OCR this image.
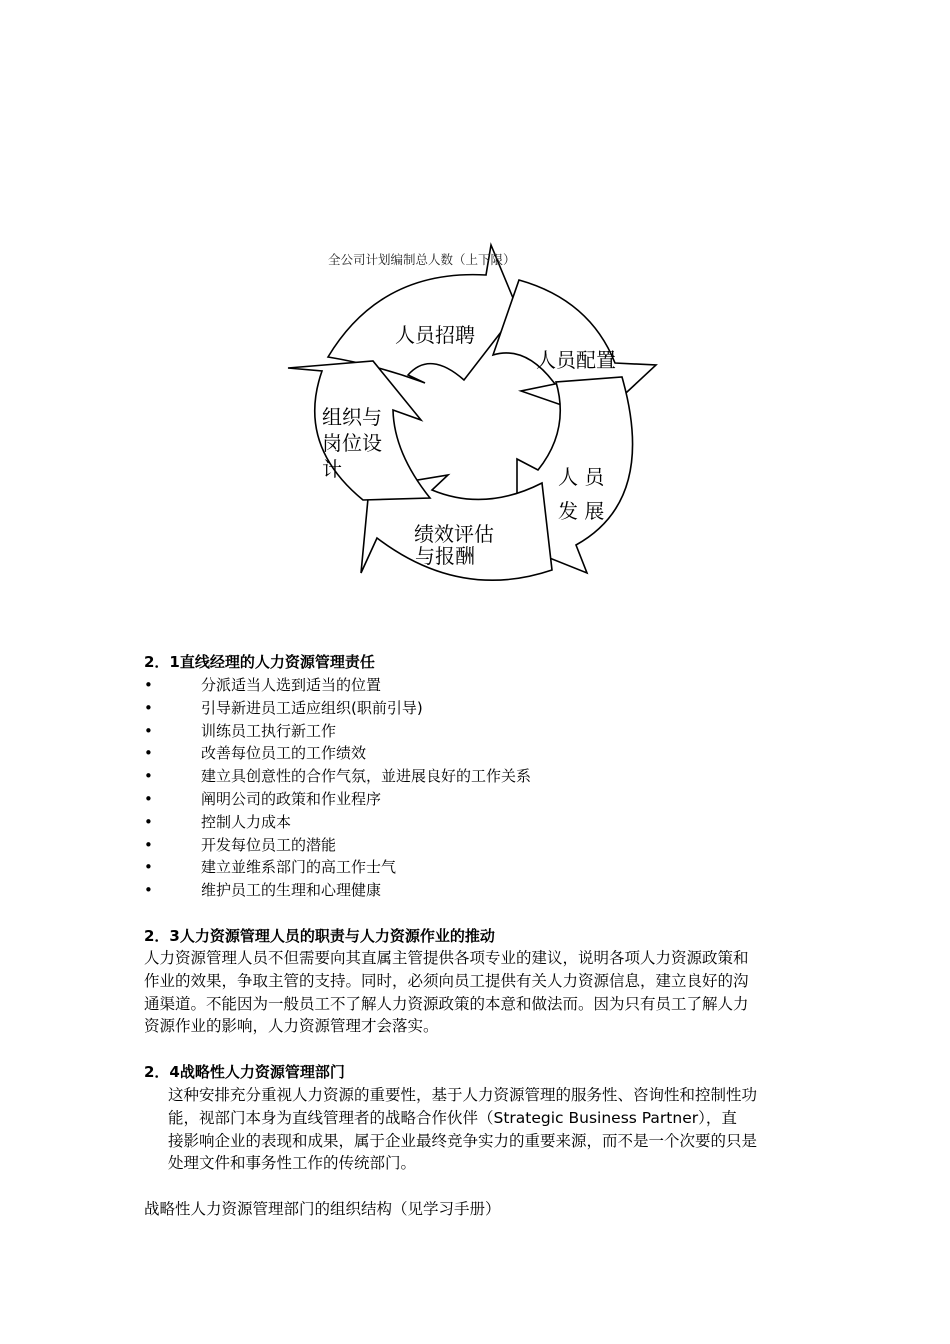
全公司计划编制总人数（上下限）
人员招聘
人员配置
人 员
发 展
绩效评估
与报酬
组织与
岗位设
计
2．1直线经理的人力资源管理责任
•	分派适当人选到适当的位置
•	引导新进员工适应组织(职前引导)
•	训练员工执行新工作
•	改善每位员工的工作绩效
•	建立具创意性的合作气氛，並进展良好的工作关系
•	阐明公司的政策和作业程序
•	控制人力成本
•	开发每位员工的潜能
•	建立並维系部门的高工作士气
•	维护员工的生理和心理健康
2．3人力资源管理人员的职责与人力资源作业的推动
人力资源管理人员不但需要向其直属主管提供各项专业的建议，说明各项人力资源政策和
作业的效果，争取主管的支持。同时，必须向员工提供有关人力资源信息，建立良好的沟
通渠道。不能因为一般员工不了解人力资源政策的本意和做法而。因为只有员工了解人力
资源作业的影响，人力资源管理才会落实。
2．4战略性人力资源管理部门
这种安排充分重视人力资源的重要性，基于人力资源管理的服务性、咨询性和控制性功
能，视部门本身为直线管理者的战略合作伙伴（Strategic Business Partner），直
接影响企业的表现和成果，属于企业最终竞争实力的重要来源，而不是一个次要的只是
处理文件和事务性工作的传统部门。
战略性人力资源管理部门的组织结构（见学习手册）
